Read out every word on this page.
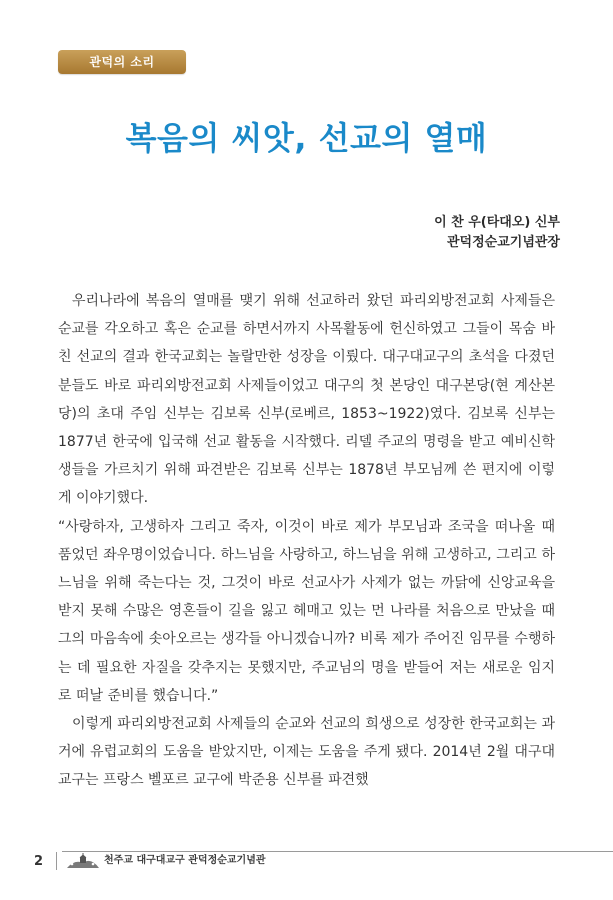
관덕의 소리
복음의 씨앗, 선교의 열매
이 찬 우(타대오) 신부
관덕정순교기념관장

우리나라에 복음의 열매를 맺기 위해 선교하러 왔던 파리외방전교회 사제들은 순교를 각오하고 혹은 순교를 하면서까지 사목활동에 헌신하였고 그들이 목숨 바친 선교의 결과 한국교회는 놀랄만한 성장을 이뤘다. 대구대교구의 초석을 다졌던 분들도 바로 파리외방전교회 사제들이었고 대구의 첫 본당인 대구본당(현 계산본당)의 초대 주임 신부는 김보록 신부(로베르, 1853~1922)였다. 김보록 신부는 1877년 한국에 입국해 선교 활동을 시작했다. 리델 주교의 명령을 받고 예비신학생들을 가르치기 위해 파견받은 김보록 신부는 1878년 부모님께 쓴 편지에 이렇게 이야기했다.

“사랑하자, 고생하자 그리고 죽자, 이것이 바로 제가 부모님과 조국을 떠나올 때 품었던 좌우명이었습니다. 하느님을 사랑하고, 하느님을 위해 고생하고, 그리고 하느님을 위해 죽는다는 것, 그것이 바로 선교사가 사제가 없는 까닭에 신앙교육을 받지 못해 수많은 영혼들이 길을 잃고 헤매고 있는 먼 나라를 처음으로 만났을 때 그의 마음속에 솟아오르는 생각들 아니겠습니까? 비록 제가 주어진 임무를 수행하는 데 필요한 자질을 갖추지는 못했지만, 주교님의 명을 받들어 저는 새로운 임지로 떠날 준비를 했습니다.”

이렇게 파리외방전교회 사제들의 순교와 선교의 희생으로 성장한 한국교회는 과거에 유럽교회의 도움을 받았지만, 이제는 도움을 주게 됐다. 2014년 2월 대구대교구는 프랑스 벨포르 교구에 박준용 신부를 파견했

2	천주교 대구대교구 관덕정순교기념관
